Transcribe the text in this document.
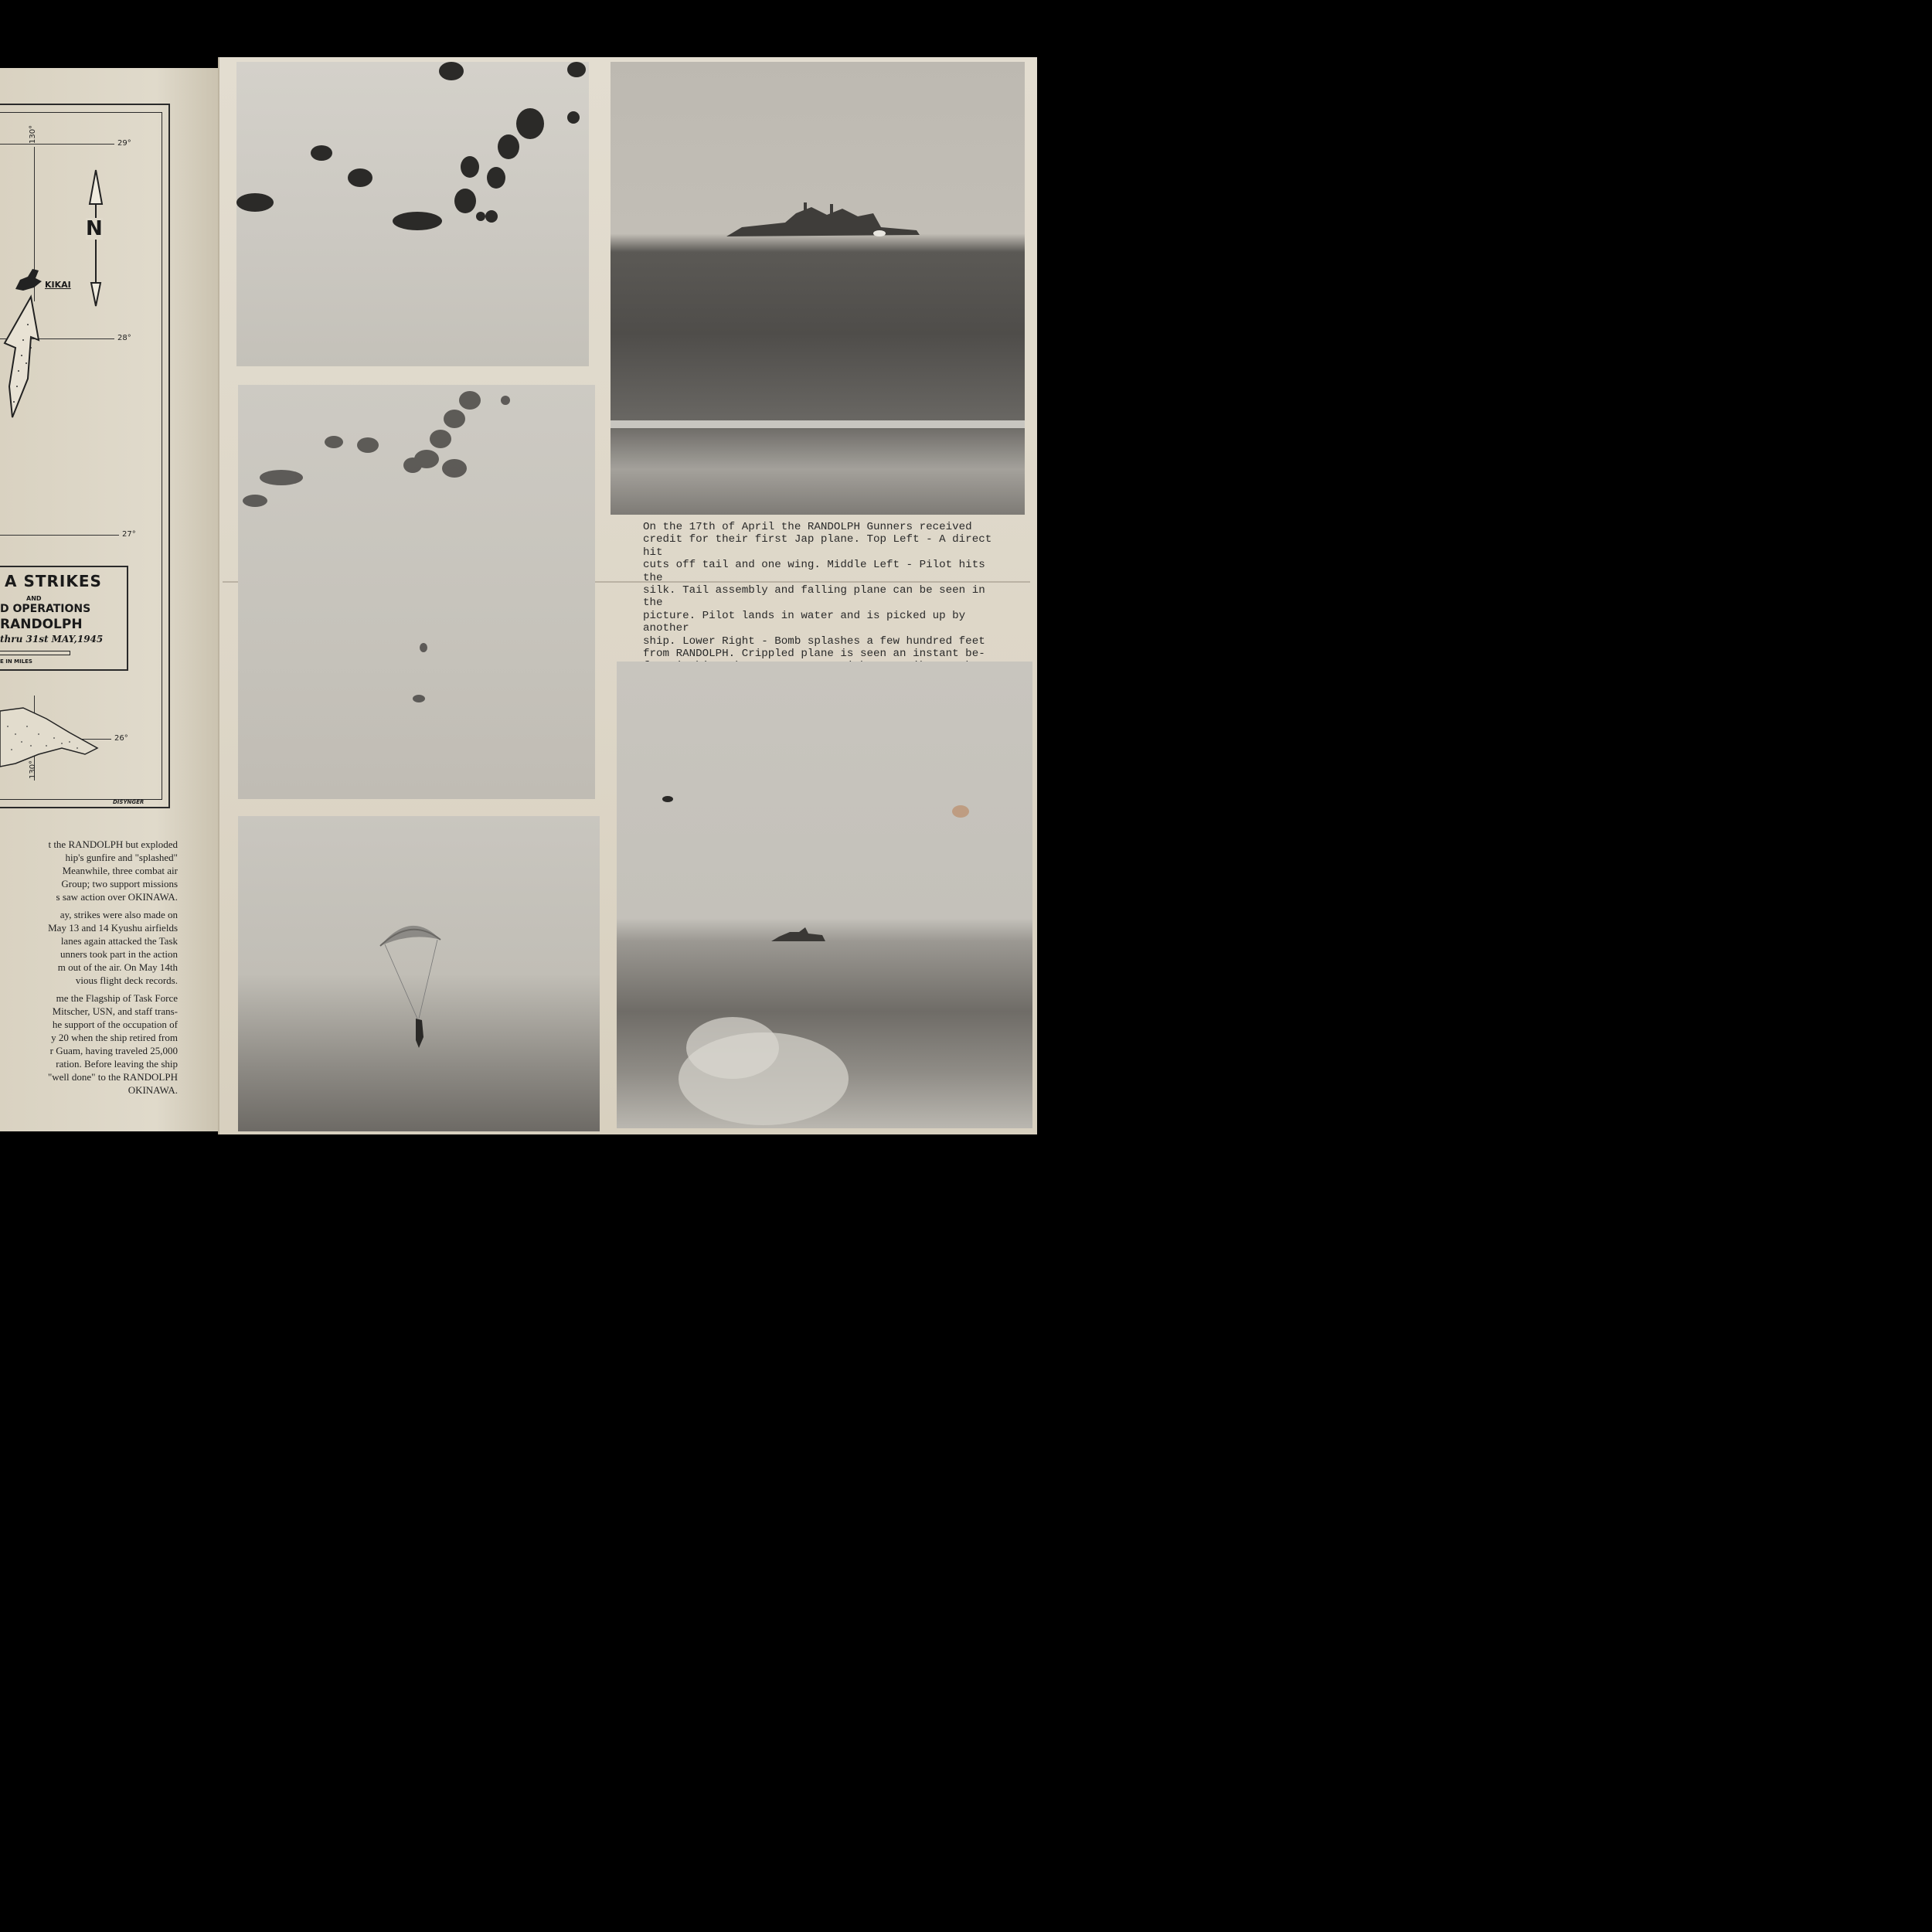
29°
28°
27°
26°
130°
130°
N
KIKAI
A STRIKES
AND
D OPERATIONS
RANDOLPH
thru 31st MAY,1945
E IN MILES
DISYNGER

t the RANDOLPH but exploded
hip's gunfire and "splashed"
Meanwhile, three combat air
Group; two support missions
s saw action over OKINAWA.

ay, strikes were also made on
May 13 and 14 Kyushu airfields
lanes again attacked the Task
unners took part in the action
m out of the air. On May 14th
vious flight deck records.

me the Flagship of Task Force
Mitscher, USN, and staff trans-
he support of the occupation of
y 20 when the ship retired from
r Guam, having traveled 25,000
ration. Before leaving the ship
"well done" to the RANDOLPH
OKINAWA.

On the 17th of April the RANDOLPH Gunners received

credit for their first Jap plane. Top Left - A direct hit

cuts off tail and one wing. Middle Left - Pilot hits the

silk. Tail assembly and falling plane can be seen in the

picture. Pilot lands in water and is picked up by another

ship. Lower Right - Bomb splashes a few hundred feet

from RANDOLPH. Crippled plane is seen an instant be-
